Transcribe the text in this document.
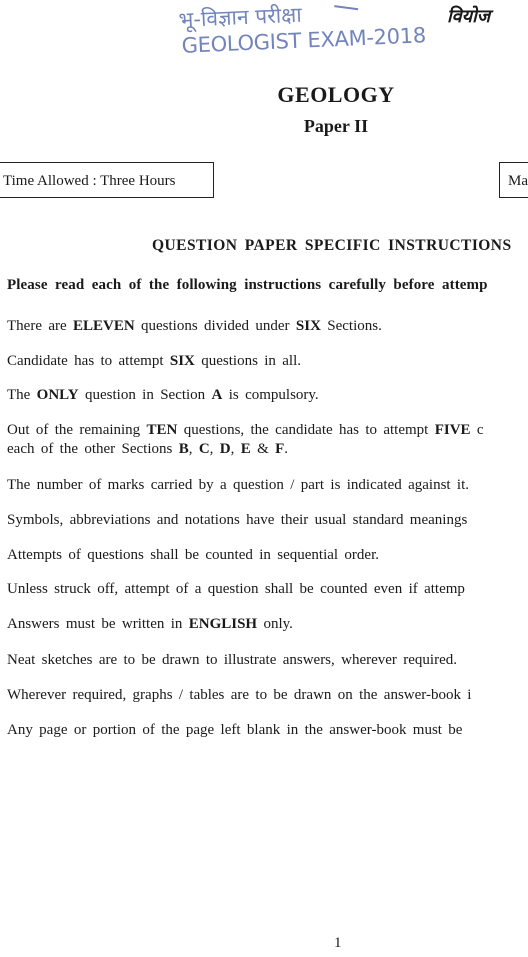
भू-विज्ञान परीक्षा
GEOLOGIST EXAM-2018
वियोज
GEOLOGY
Paper II
Time Allowed : Three Hours	Ma
QUESTION PAPER SPECIFIC INSTRUCTIONS
Please read each of the following instructions carefully before attemp
There are ELEVEN questions divided under SIX Sections.
Candidate has to attempt SIX questions in all.
The ONLY question in Section A is compulsory.
Out of the remaining TEN questions, the candidate has to attempt FIVE c
each of the other Sections B, C, D, E & F.
The number of marks carried by a question / part is indicated against it.
Symbols, abbreviations and notations have their usual standard meanings
Attempts of questions shall be counted in sequential order.
Unless struck off, attempt of a question shall be counted even if attemp
Answers must be written in ENGLISH only.
Neat sketches are to be drawn to illustrate answers, wherever required.
Wherever required, graphs / tables are to be drawn on the answer-book i
Any page or portion of the page left blank in the answer-book must be
1
